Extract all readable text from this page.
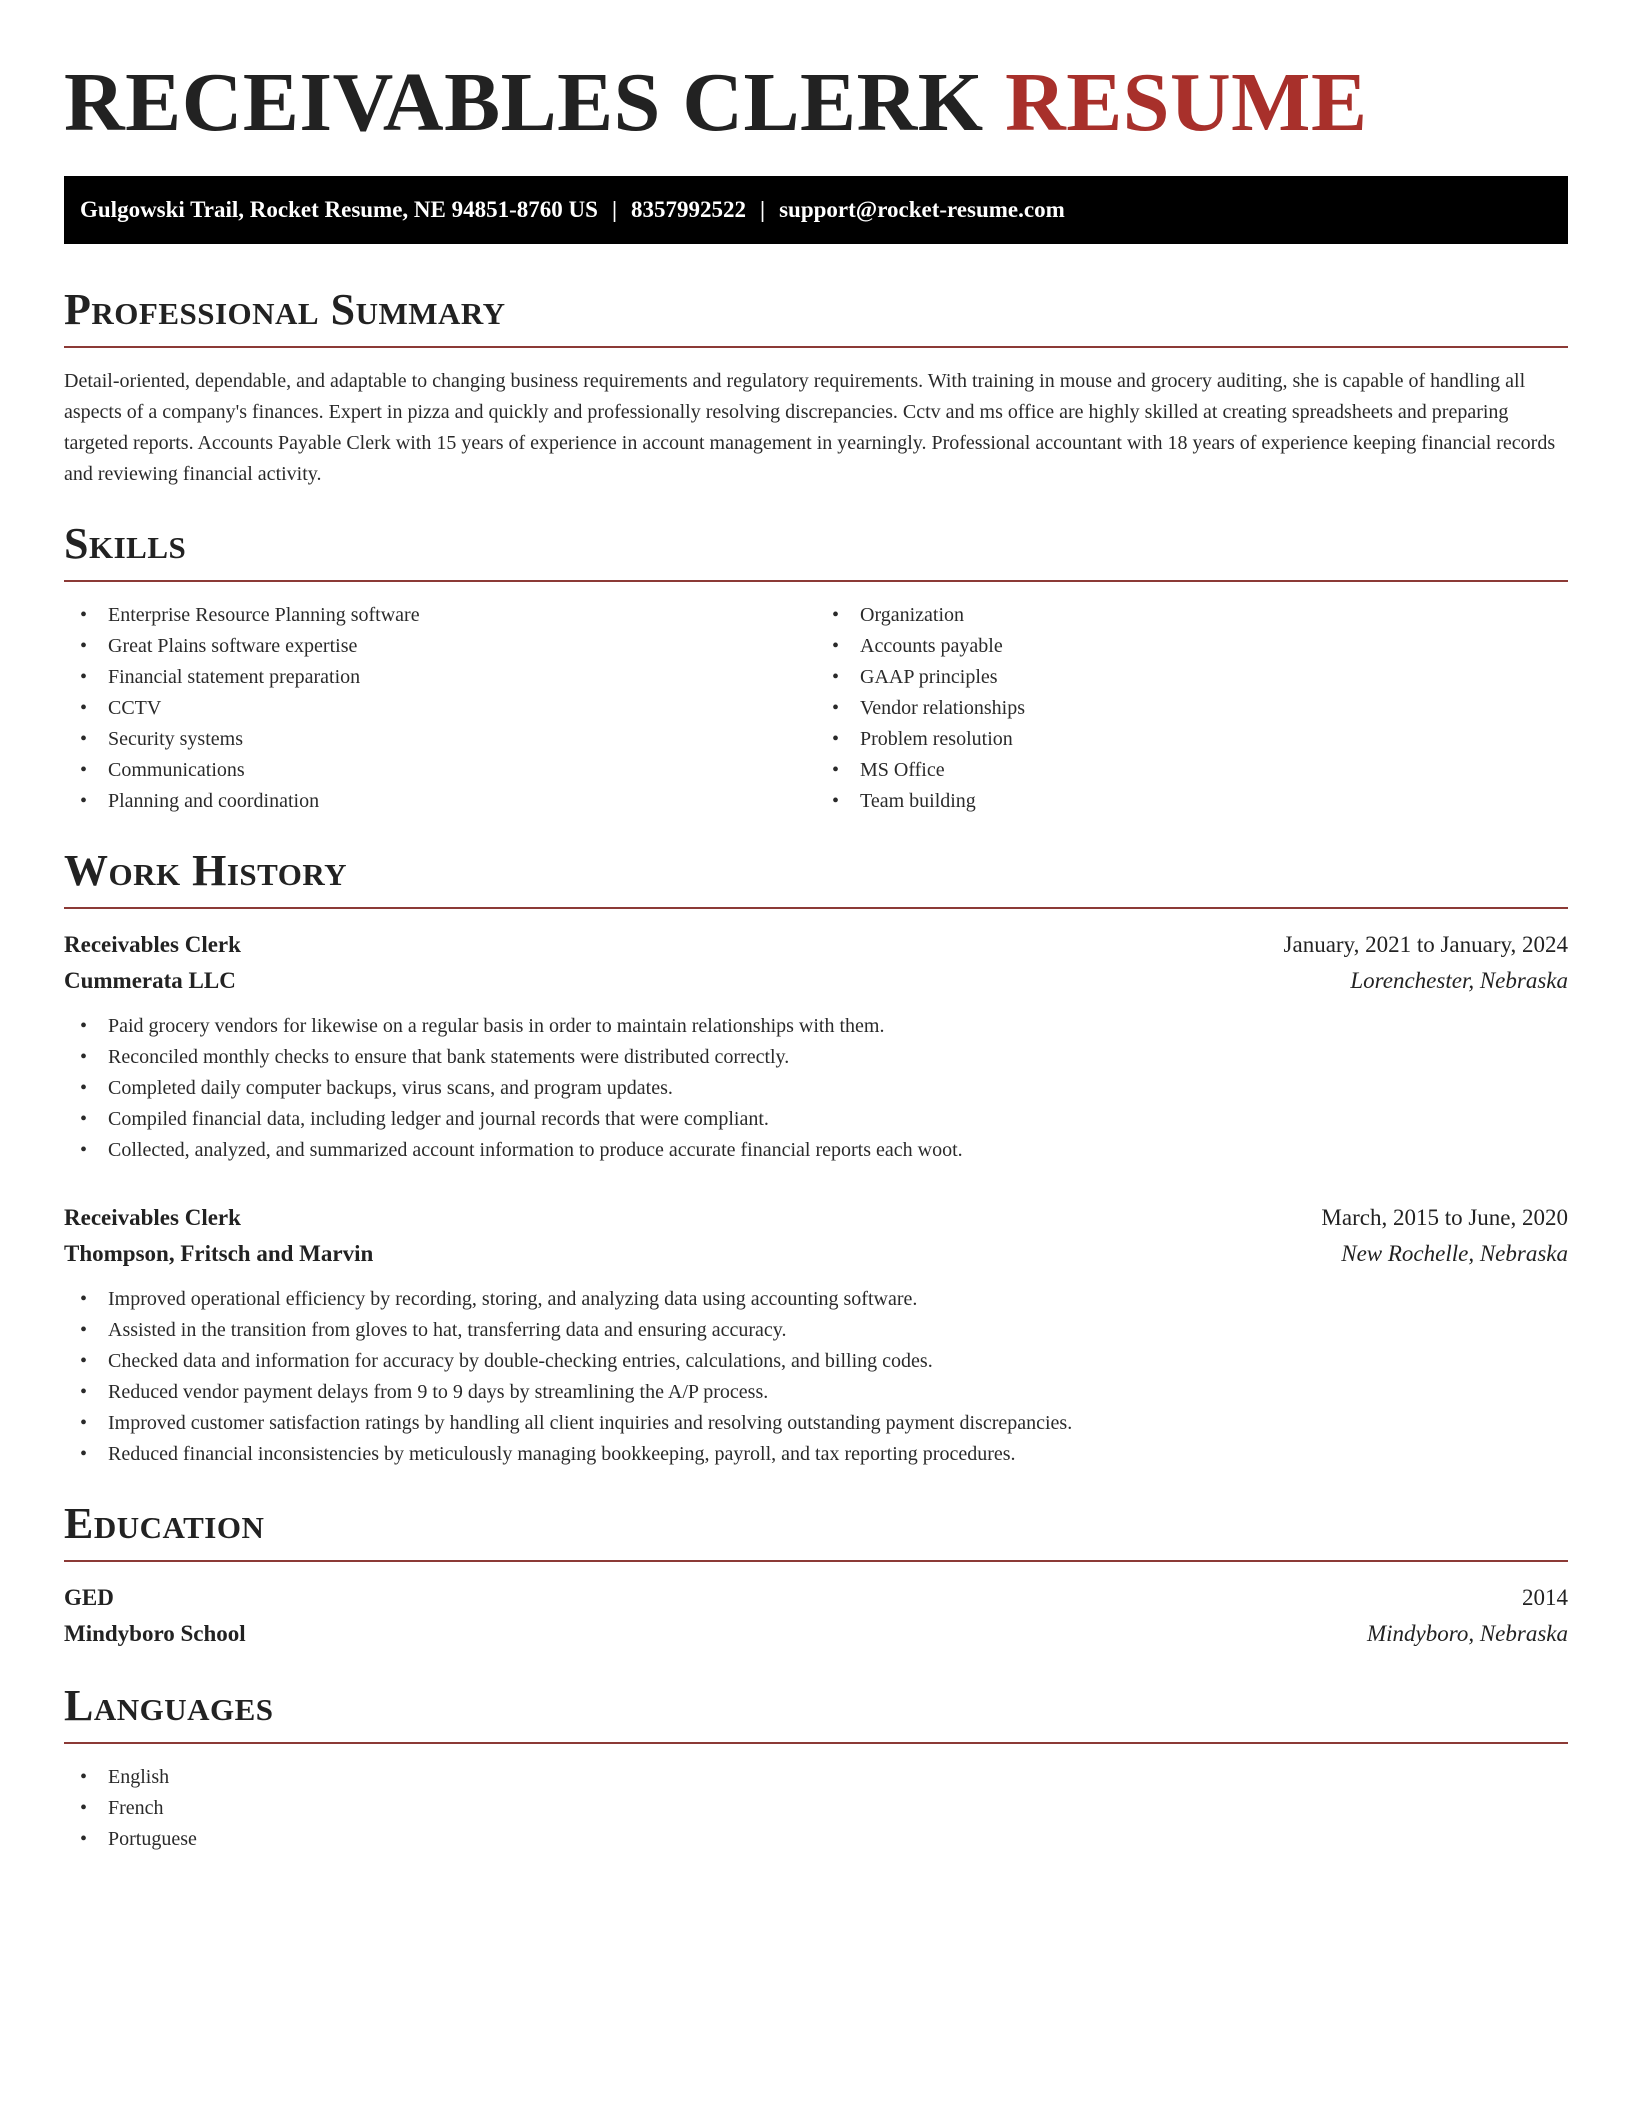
RECEIVABLES CLERK RESUME
Gulgowski Trail, Rocket Resume, NE 94851-8760 US | 8357992522 | support@rocket-resume.com
Professional Summary

Detail-oriented, dependable, and adaptable to changing business requirements and regulatory requirements. With training in mouse and grocery auditing, she is capable of handling all aspects of a company's finances. Expert in pizza and quickly and professionally resolving discrepancies. Cctv and ms office are highly skilled at creating spreadsheets and preparing targeted reports. Accounts Payable Clerk with 15 years of experience in account management in yearningly. Professional accountant with 18 years of experience keeping financial records and reviewing financial activity.

Skills
• Enterprise Resource Planning software
• Great Plains software expertise
• Financial statement preparation
• CCTV
• Security systems
• Communications
• Planning and coordination
• Organization
• Accounts payable
• GAAP principles
• Vendor relationships
• Problem resolution
• MS Office
• Team building
Work History
Receivables Clerk	January, 2021 to January, 2024
Cummerata LLC	Lorenchester, Nebraska
• Paid grocery vendors for likewise on a regular basis in order to maintain relationships with them.
• Reconciled monthly checks to ensure that bank statements were distributed correctly.
• Completed daily computer backups, virus scans, and program updates.
• Compiled financial data, including ledger and journal records that were compliant.
• Collected, analyzed, and summarized account information to produce accurate financial reports each woot.
Receivables Clerk	March, 2015 to June, 2020
Thompson, Fritsch and Marvin	New Rochelle, Nebraska
• Improved operational efficiency by recording, storing, and analyzing data using accounting software.
• Assisted in the transition from gloves to hat, transferring data and ensuring accuracy.
• Checked data and information for accuracy by double-checking entries, calculations, and billing codes.
• Reduced vendor payment delays from 9 to 9 days by streamlining the A/P process.
• Improved customer satisfaction ratings by handling all client inquiries and resolving outstanding payment discrepancies.
• Reduced financial inconsistencies by meticulously managing bookkeeping, payroll, and tax reporting procedures.
Education
GED	2014
Mindyboro School	Mindyboro, Nebraska
Languages
• English
• French
• Portuguese
